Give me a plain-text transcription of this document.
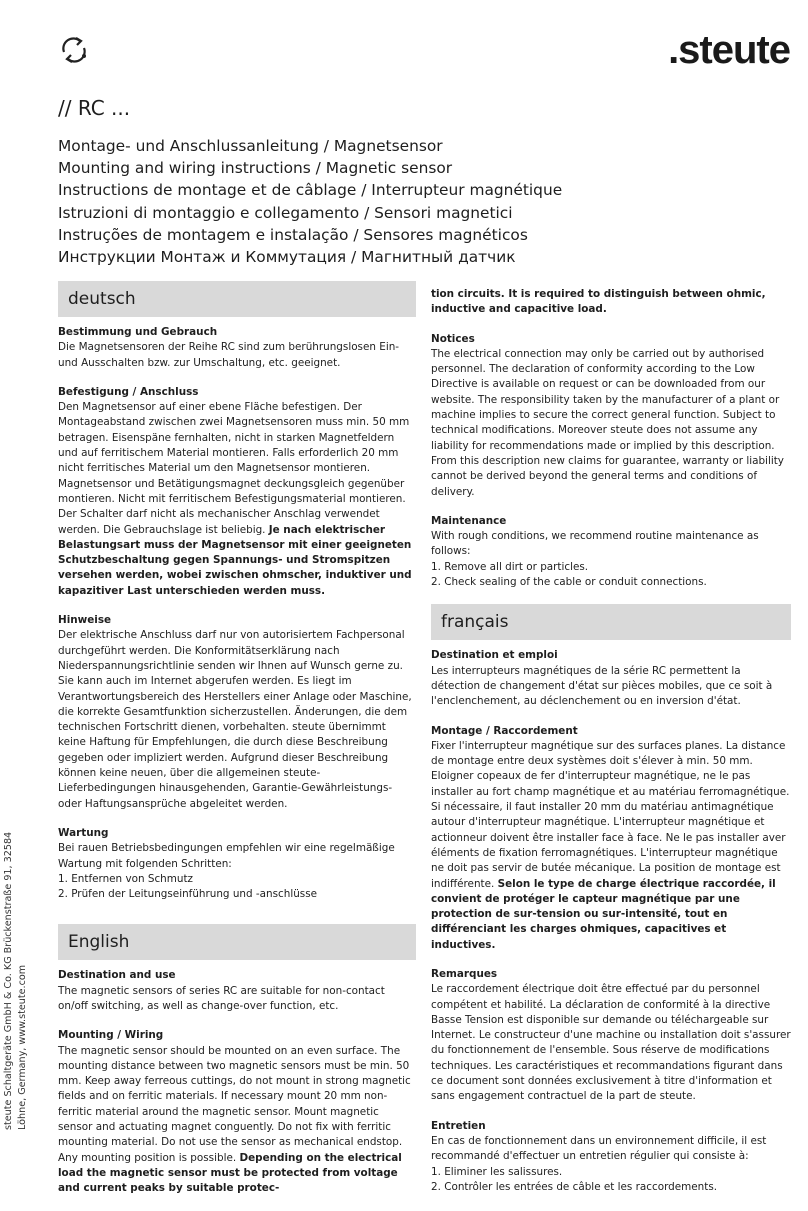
.steute
// RC ...
Montage- und Anschlussanleitung / Magnetsensor
Mounting and wiring instructions / Magnetic sensor
Instructions de montage et de câblage / Interrupteur magnétique
Istruzioni di montaggio e collegamento / Sensori magnetici
Instruções de montagem e instalação / Sensores magnéticos
Инструкции Монтаж и Коммутация / Магнитный датчик
steute Schaltgeräte GmbH & Co. KG Brückenstraße 91, 32584 Löhne, Germany, www.steute.com
deutsch
Bestimmung und Gebrauch

Die Magnetsensoren der Reihe RC sind zum berührungslosen Ein- und Ausschalten bzw. zur Umschaltung, etc. geeignet.

Befestigung / Anschluss

Den Magnetsensor auf einer ebene Fläche befestigen. Der Montageabstand zwischen zwei Magnetsensoren muss min. 50 mm betragen. Eisenspäne fernhalten, nicht in starken Magnetfeldern und auf ferritischem Material montieren. Falls erforderlich 20 mm nicht ferritisches Material um den Magnetsensor montieren. Magnetsensor und Betätigungsmagnet deckungsgleich gegenüber montieren. Nicht mit ferritischem Befestigungsmaterial montieren. Der Schalter darf nicht als mechanischer Anschlag verwendet werden. Die Gebrauchslage ist beliebig. Je nach elektrischer Belastungsart muss der Magnetsensor mit einer geeigneten Schutzbeschaltung gegen Spannungs- und Stromspitzen versehen werden, wobei zwischen ohmscher, induktiver und kapazitiver Last unterschieden werden muss.

Hinweise

Der elektrische Anschluss darf nur von autorisiertem Fachpersonal durchgeführt werden. Die Konformitätserklärung nach Niederspannungsrichtlinie senden wir Ihnen auf Wunsch gerne zu. Sie kann auch im Internet abgerufen werden. Es liegt im Verantwortungsbereich des Herstellers einer Anlage oder Maschine, die korrekte Gesamtfunktion sicherzustellen. Änderungen, die dem technischen Fortschritt dienen, vorbehalten. steute übernimmt keine Haftung für Empfehlungen, die durch diese Beschreibung gegeben oder impliziert werden. Aufgrund dieser Beschreibung können keine neuen, über die allgemeinen steute-Lieferbedingungen hinausgehenden, Garantie-Gewährleistungs- oder Haftungsansprüche abgeleitet werden.

Wartung

Bei rauen Betriebsbedingungen empfehlen wir eine regelmäßige Wartung mit folgenden Schritten:

1. Entfernen von Schmutz
2. Prüfen der Leitungseinführung und -anschlüsse
English
Destination and use

The magnetic sensors of series RC are suitable for non-contact on/off switching, as well as change-over function, etc.

Mounting / Wiring

The magnetic sensor should be mounted on an even surface. The mounting distance between two magnetic sensors must be min. 50 mm. Keep away ferreous cuttings, do not mount in strong magnetic fields and on ferritic materials. If necessary mount 20 mm non-ferritic material around the magnetic sensor. Mount magnetic sensor and actuating magnet conguently. Do not fix with ferritic mounting material. Do not use the sensor as mechanical endstop. Any mounting position is possible. Depending on the electrical load the magnetic sensor must be protected from voltage and current peaks by suitable protec-

tion circuits. It is required to distinguish between ohmic, inductive and capacitive load.
Notices

The electrical connection may only be carried out by authorised personnel. The declaration of conformity according to the Low Directive is available on request or can be downloaded from our website. The responsibility taken by the manufacturer of a plant or machine implies to secure the correct general function. Subject to technical modifications. Moreover steute does not assume any liability for recommendations made or implied by this description. From this description new claims for guarantee, warranty or liability cannot be derived beyond the general terms and conditions of delivery.

Maintenance

With rough conditions, we recommend routine maintenance as follows:

1. Remove all dirt or particles.
2. Check sealing of the cable or conduit connections.
français
Destination et emploi

Les interrupteurs magnétiques de la série RC permettent la détection de changement d'état sur pièces mobiles, que ce soit à l'enclenchement, au déclenchement ou en inversion d'état.

Montage / Raccordement

Fixer l'interrupteur magnétique sur des surfaces planes. La distance de montage entre deux systèmes doit s'élever à min. 50 mm. Eloigner copeaux de fer d'interrupteur magnétique, ne le pas installer au fort champ magnétique et au matériau ferromagnétique. Si nécessaire, il faut installer 20 mm du matériau antimagnétique autour d'interrupteur magnétique. L'interrupteur magnétique et actionneur doivent être installer face à face. Ne le pas installer aver éléments de fixation ferromagnétiques. L'interrupteur magnétique ne doit pas servir de butée mécanique. La position de montage est indifférente. Selon le type de charge électrique raccordée, il convient de protéger le capteur magnétique par une protection de sur-tension ou sur-intensité, tout en différenciant les charges ohmiques, capacitives et inductives.

Remarques

Le raccordement électrique doit être effectué par du personnel compétent et habilité. La déclaration de conformité à la directive Basse Tension est disponible sur demande ou téléchargeable sur Internet. Le constructeur d'une machine ou installation doit s'assurer du fonctionnement de l'ensemble. Sous réserve de modifications techniques. Les caractéristiques et recommandations figurant dans ce document sont données exclusivement à titre d'information et sans engagement contractuel de la part de steute.

Entretien

En cas de fonctionnement dans un environnement difficile, il est recommandé d'effectuer un entretien régulier qui consiste à:

1. Eliminer les salissures.
2. Contrôler les entrées de câble et les raccordements.
